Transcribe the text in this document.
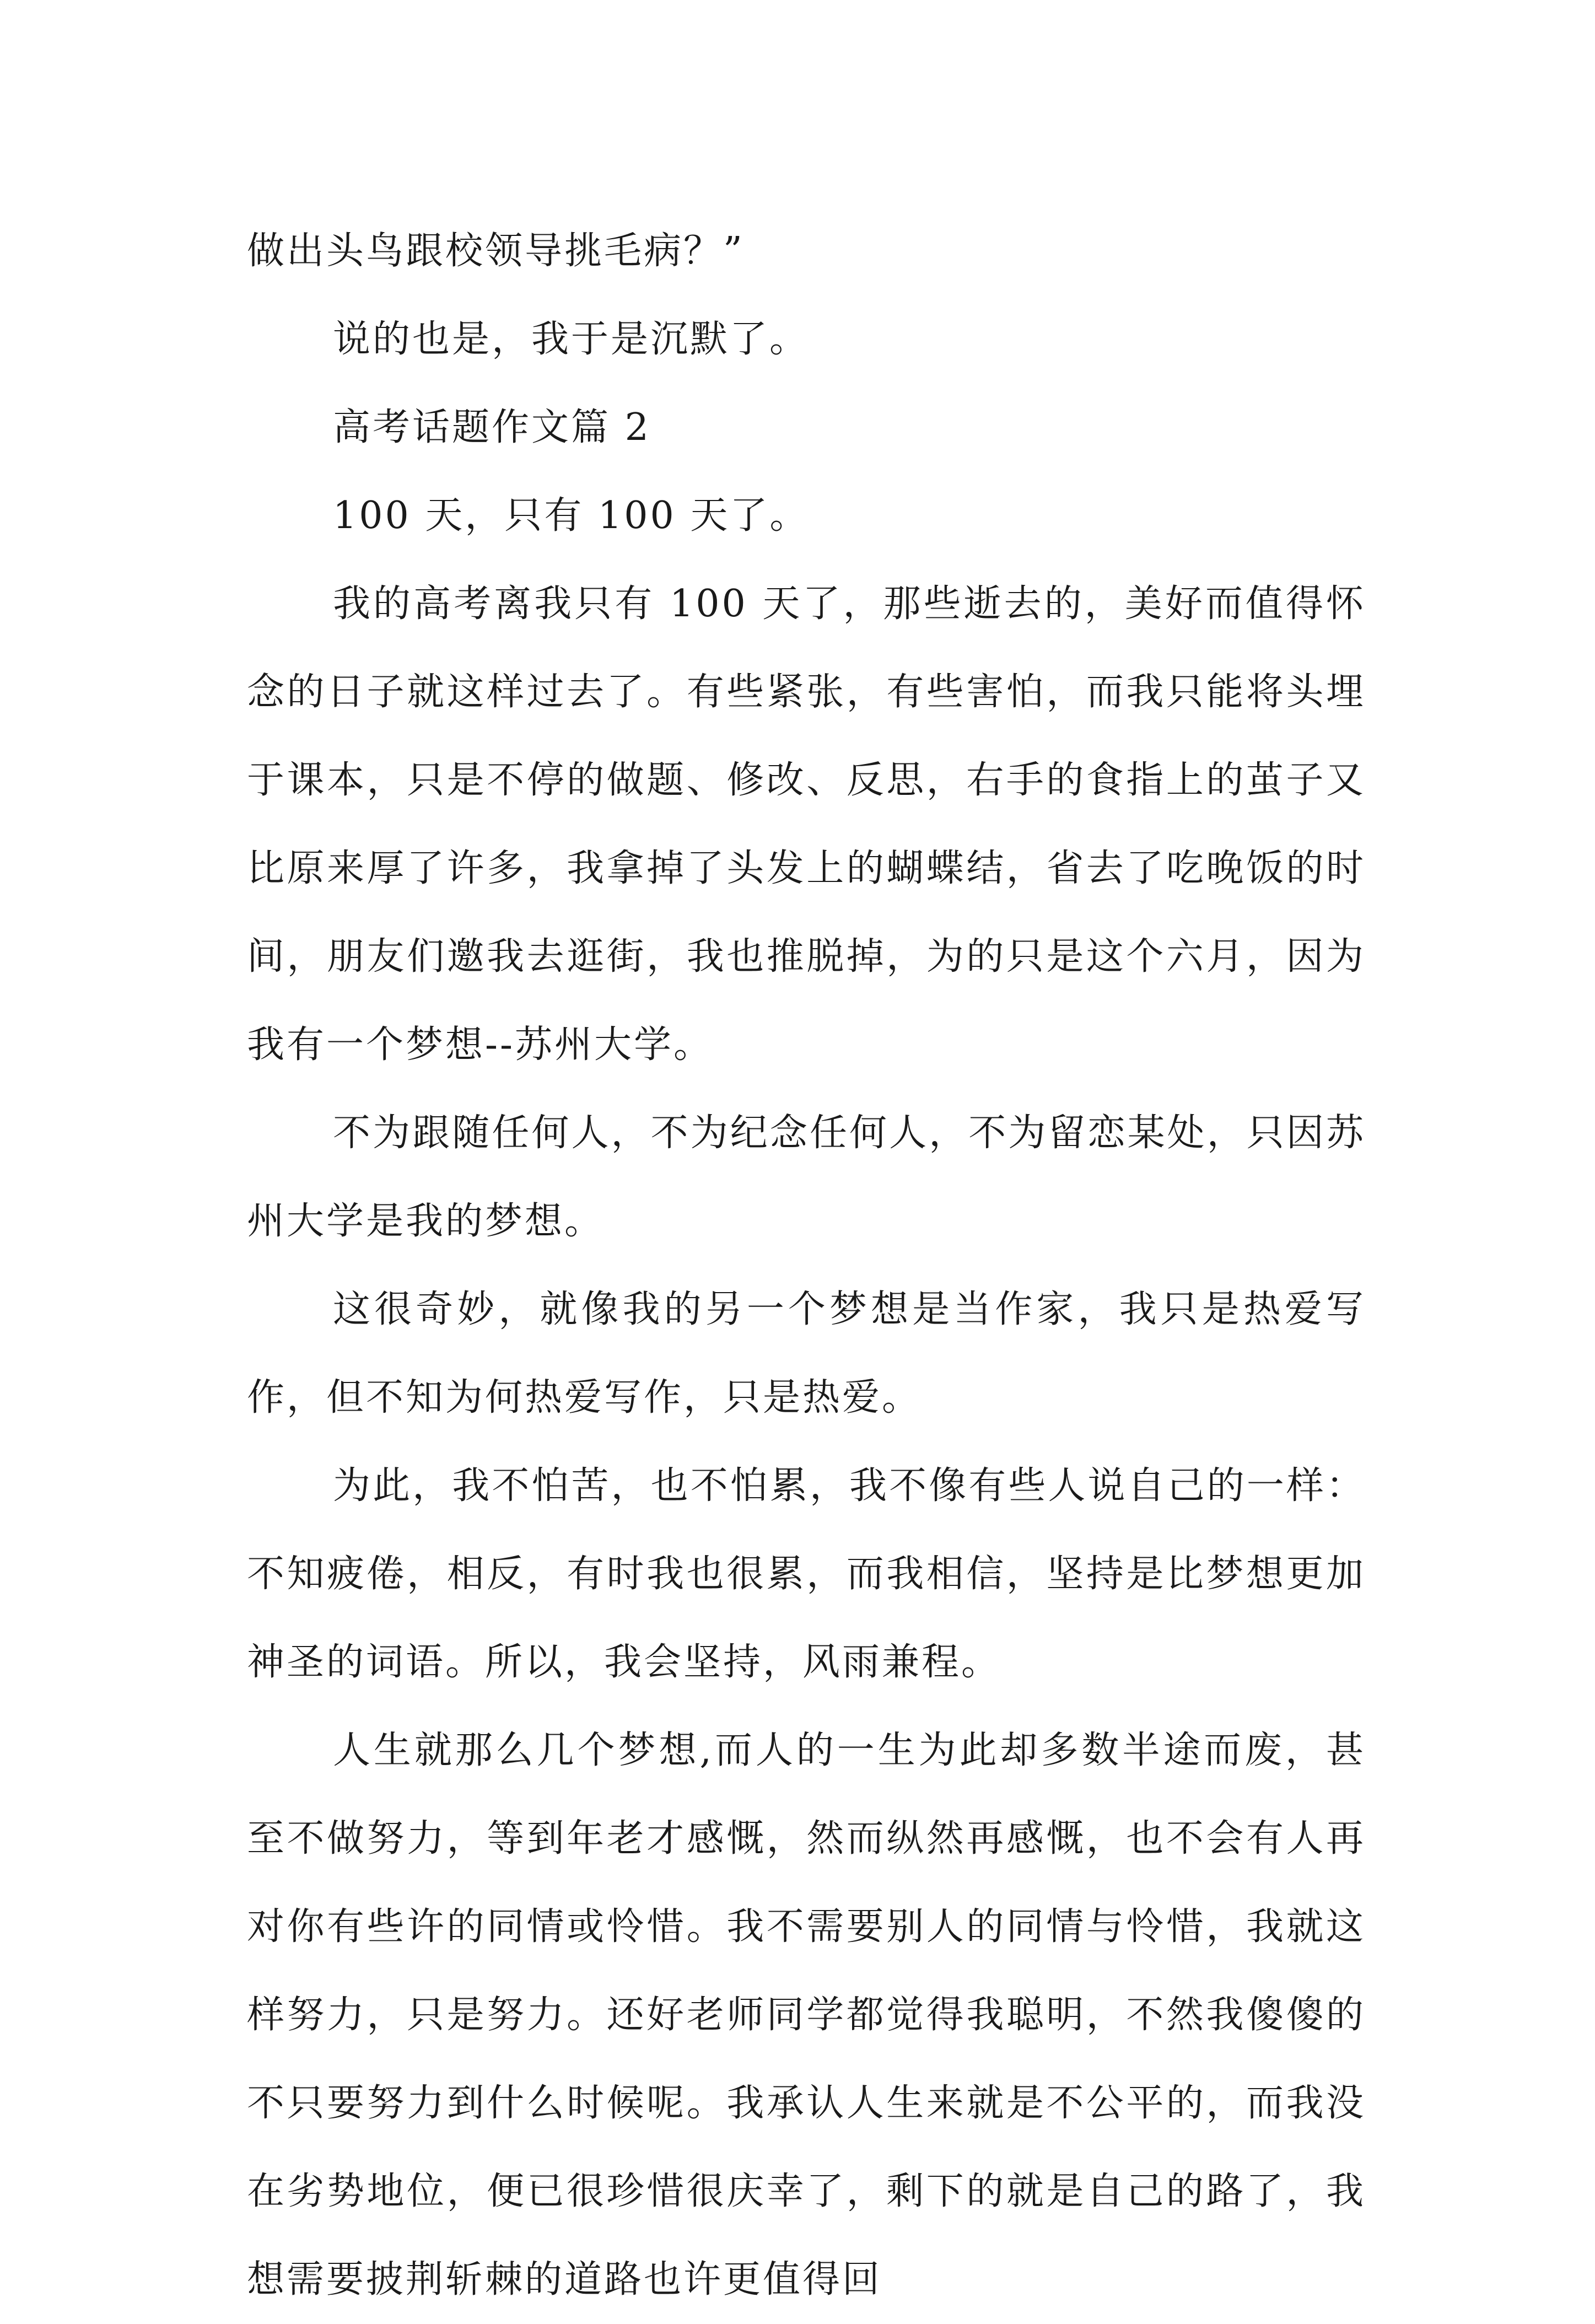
做出头鸟跟校领导挑毛病？”

说的也是，我于是沉默了。

高考话题作文篇 2

100 天，只有 100 天了。

我的高考离我只有 100 天了，那些逝去的，美好而值得怀念的日子就这样过去了。有些紧张，有些害怕，而我只能将头埋于课本，只是不停的做题、修改、反思，右手的食指上的茧子又比原来厚了许多，我拿掉了头发上的蝴蝶结，省去了吃晚饭的时间，朋友们邀我去逛街，我也推脱掉，为的只是这个六月，因为我有一个梦想--苏州大学。

不为跟随任何人，不为纪念任何人，不为留恋某处，只因苏州大学是我的梦想。

这很奇妙，就像我的另一个梦想是当作家，我只是热爱写作，但不知为何热爱写作，只是热爱。

为此，我不怕苦，也不怕累，我不像有些人说自己的一样：不知疲倦，相反，有时我也很累，而我相信，坚持是比梦想更加神圣的词语。所以，我会坚持，风雨兼程。

人生就那么几个梦想,而人的一生为此却多数半途而废，甚至不做努力，等到年老才感慨，然而纵然再感慨，也不会有人再对你有些许的同情或怜惜。我不需要别人的同情与怜惜，我就这样努力，只是努力。还好老师同学都觉得我聪明，不然我傻傻的不只要努力到什么时候呢。我承认人生来就是不公平的，而我没在劣势地位，便已很珍惜很庆幸了，剩下的就是自己的路了，我想需要披荆斩棘的道路也许更值得回
